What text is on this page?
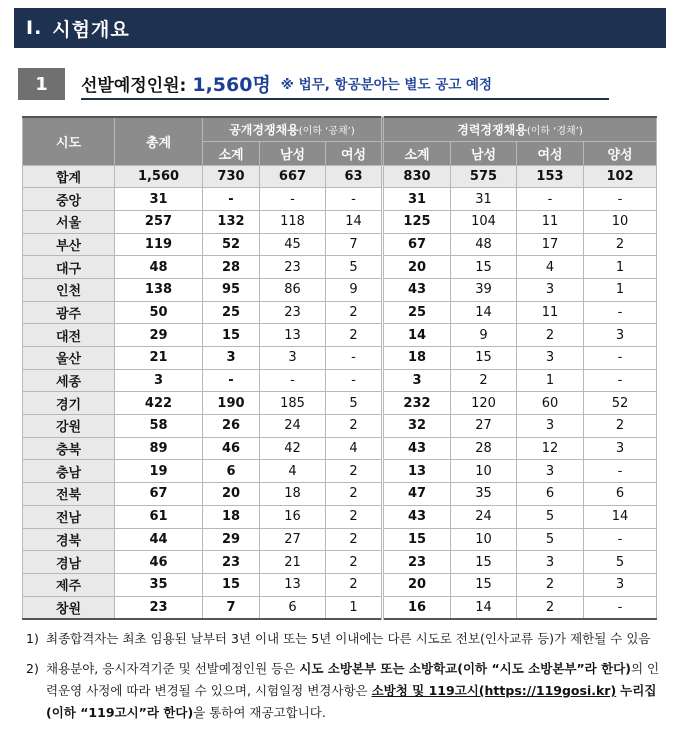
Ⅰ. 시험개요
1	선발예정인원: 1,560명 ※ 법무, 항공분야는 별도 공고 예정
시도	총계	공개경쟁채용(이하 ‘공채’)			경력경쟁채용(이하 ‘경채’)			
		소계	남성	여성	소계	남성	여성	양성
합계	1,560	730	667	63	830	575	153	102
중앙	31	-	-	-	31	31	-	-
서울	257	132	118	14	125	104	11	10
부산	119	52	45	7	67	48	17	2
대구	48	28	23	5	20	15	4	1
인천	138	95	86	9	43	39	3	1
광주	50	25	23	2	25	14	11	-
대전	29	15	13	2	14	9	2	3
울산	21	3	3	-	18	15	3	-
세종	3	-	-	-	3	2	1	-
경기	422	190	185	5	232	120	60	52
강원	58	26	24	2	32	27	3	2
충북	89	46	42	4	43	28	12	3
충남	19	6	4	2	13	10	3	-
전북	67	20	18	2	47	35	6	6
전남	61	18	16	2	43	24	5	14
경북	44	29	27	2	15	10	5	-
경남	46	23	21	2	23	15	3	5
제주	35	15	13	2	20	15	2	3
창원	23	7	6	1	16	14	2	-
1) 최종합격자는 최초 임용된 날부터 3년 이내 또는 5년 이내에는 다른 시도로 전보(인사교류 등)가 제한될 수 있음
2) 채용분야, 응시자격기준 및 선발예정인원 등은 시도 소방본부 또는 소방학교(이하 “시도 소방본부”라 한다)의 인력운영 사정에 따라 변경될 수 있으며, 시험일정 변경사항은 소방청 및 119고시(https://119gosi.kr) 누리집(이하 “119고시”라 한다)을 통하여 재공고합니다.
